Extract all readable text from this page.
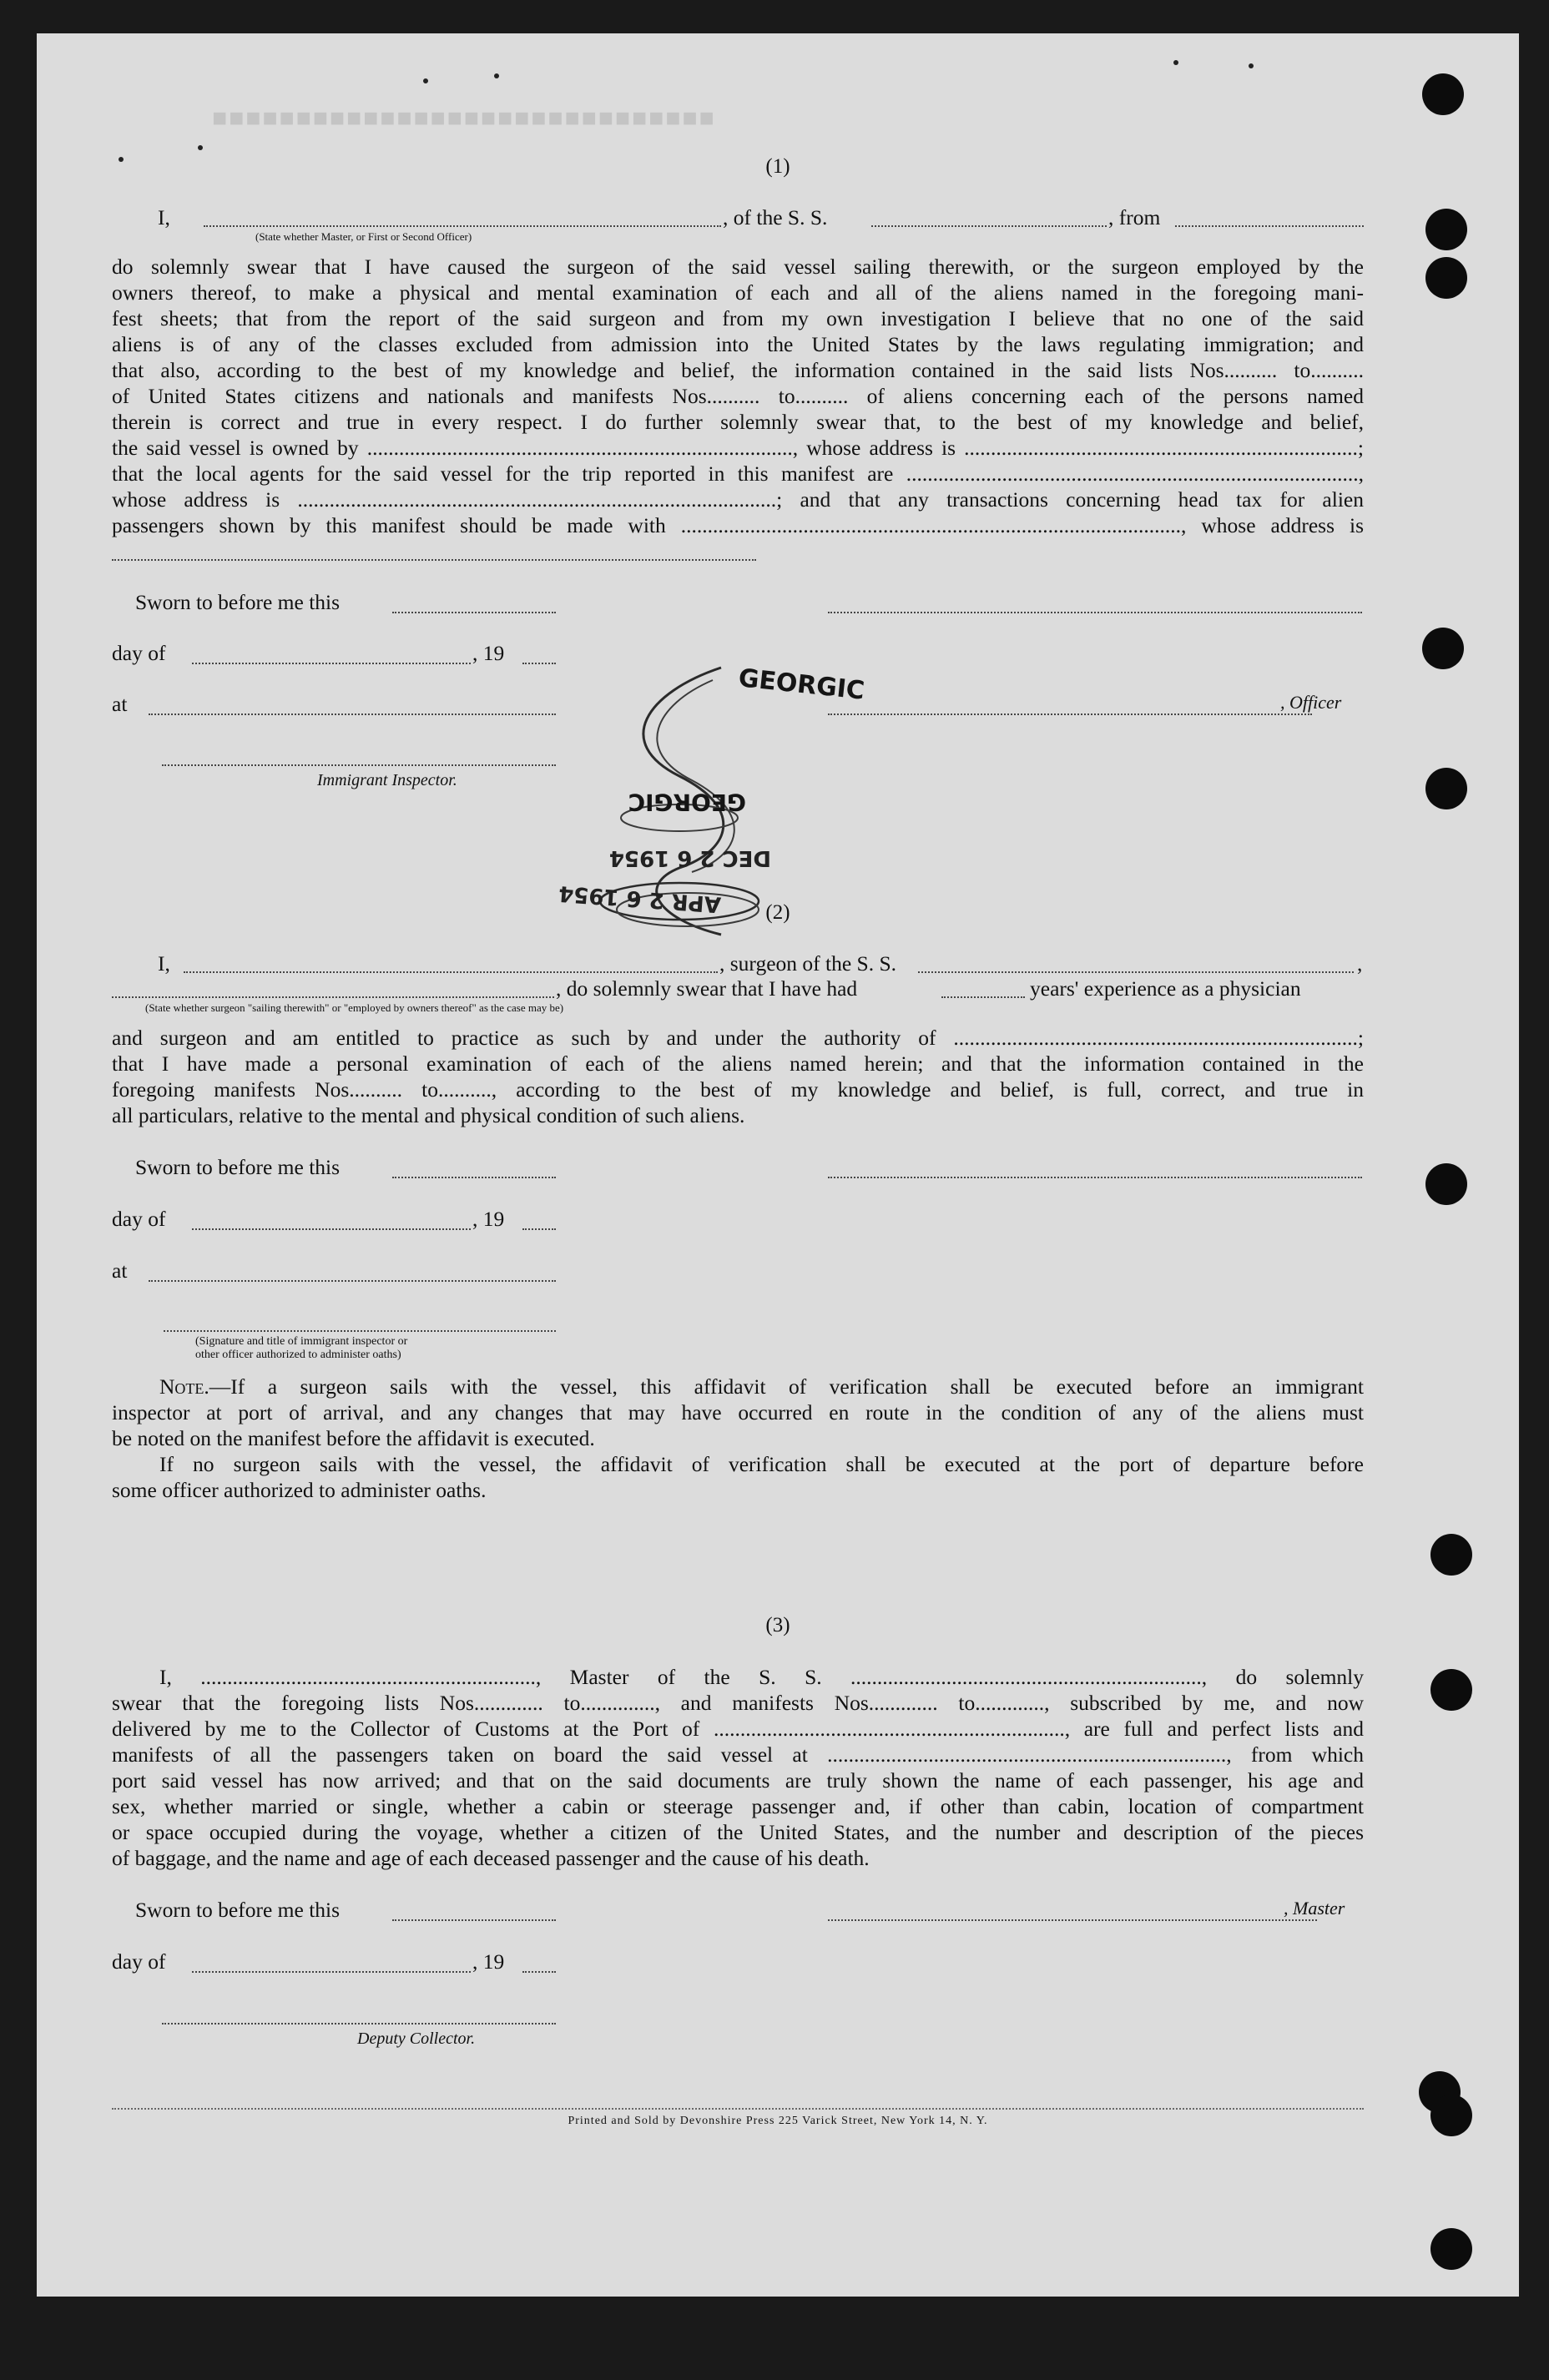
■■■■■■■■■■■■■■■■■■■■■■■■■■■■■■
(1)
I,	, of the S. S.	, from
(State whether Master, or First or Second Officer)
do solemnly swear that I have caused the surgeon of the said vessel sailing therewith, or the surgeon employed by the
owners thereof, to make a physical and mental examination of each and all of the aliens named in the foregoing mani-
fest sheets; that from the report of the said surgeon and from my own investigation I believe that no one of the said
aliens is of any of the classes excluded from admission into the United States by the laws regulating immigration; and
that also, according to the best of my knowledge and belief, the information contained in the said lists Nos.......... to..........
of United States citizens and nationals and manifests Nos.......... to.......... of aliens concerning each of the persons named
therein is correct and true in every respect. I do further solemnly swear that, to the best of my knowledge and belief,
the said vessel is owned by ................................................................................, whose address is ..........................................................................;
that the local agents for the said vessel for the trip reported in this manifest are .....................................................................................,
whose address is ..........................................................................................; and that any transactions concerning head tax for alien
passengers shown by this manifest should be made with .............................................................................................., whose address is
Sworn to before me this
day of	, 19
at	, Officer
Immigrant Inspector.
GEORGIC
GEORGIC
DEC 2 6 1954
APR 2 6 1954	(2)
I,	, surgeon of the S. S.	,
, do solemnly swear that I have had	years' experience as a physician
(State whether surgeon "sailing therewith" or "employed by owners thereof" as the case may be)
and surgeon and am entitled to practice as such by and under the authority of ............................................................................;
that I have made a personal examination of each of the aliens named herein; and that the information contained in the
foregoing manifests Nos.......... to.........., according to the best of my knowledge and belief, is full, correct, and true in
all particulars, relative to the mental and physical condition of such aliens.
Sworn to before me this
day of	, 19
at
(Signature and title of immigrant inspector or
other officer authorized to administer oaths)
Note.—If a surgeon sails with the vessel, this affidavit of verification shall be executed before an immigrant
inspector at port of arrival, and any changes that may have occurred en route in the condition of any of the aliens must
be noted on the manifest before the affidavit is executed.
If no surgeon sails with the vessel, the affidavit of verification shall be executed at the port of departure before
some officer authorized to administer oaths.
(3)
I, ..............................................................., Master of the S. S. .................................................................., do solemnly
swear that the foregoing lists Nos............. to.............., and manifests Nos............. to............., subscribed by me, and now
delivered by me to the Collector of Customs at the Port of .................................................................., are full and perfect lists and
manifests of all the passengers taken on board the said vessel at ..........................................................................., from which
port said vessel has now arrived; and that on the said documents are truly shown the name of each passenger, his age and
sex, whether married or single, whether a cabin or steerage passenger and, if other than cabin, location of compartment
or space occupied during the voyage, whether a citizen of the United States, and the number and description of the pieces
of baggage, and the name and age of each deceased passenger and the cause of his death.
Sworn to before me this	, Master
day of	, 19
Deputy Collector.
Printed and Sold by Devonshire Press 225 Varick Street, New York 14, N. Y.
